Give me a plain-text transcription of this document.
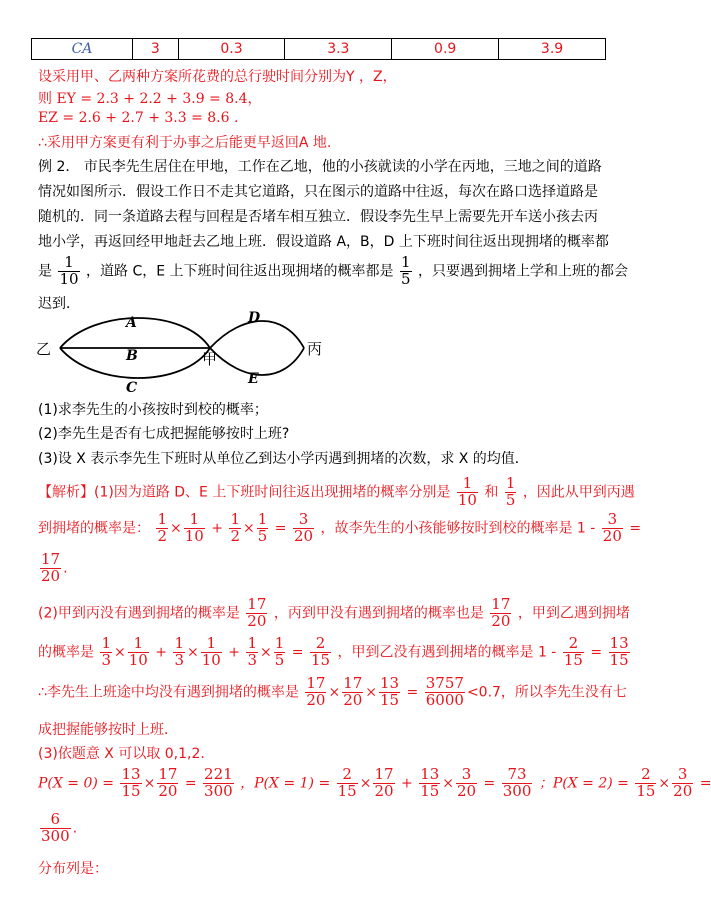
CA	3	0.3	3.3	0.9	3.9
设采用甲、乙两种方案所花费的总行驶时间分别为Y ，Z，
则 EY = 2.3 + 2.2 + 3.9 = 8.4，
EZ = 2.6 + 2.7 + 3.3 = 8.6 .
∴采用甲方案更有利于办事之后能更早返回A 地.
例 2． 市民李先生居住在甲地，工作在乙地，他的小孩就读的小学在丙地，三地之间的道路
情况如图所示．假设工作日不走其它道路，只在图示的道路中往返，每次在路口选择道路是
随机的．同一条道路去程与回程是否堵车相互独立．假设李先生早上需要先开车送小孩去丙
地小学，再返回经甲地赶去乙地上班．假设道路 A，B，D 上下班时间往返出现拥堵的概率都
是 $\frac{1}{10}$ ，道路 C，E 上下班时间往返出现拥堵的概率都是 $\frac{1}{5}$ ，只要遇到拥堵上学和上班的都会
迟到．
乙
甲
丙
A
B
C
D
E
(1)求李先生的小孩按时到校的概率；
(2)李先生是否有七成把握能够按时上班?
(3)设 X 表示李先生下班时从单位乙到达小学丙遇到拥堵的次数，求 X 的均值．
【解析】(1)因为道路 D、E 上下班时间往返出现拥堵的概率分别是 $\frac{1}{10}$ 和 $\frac{1}{5}$ ，因此从甲到丙遇
到拥堵的概率是： $\frac{1}{2} \times \frac{1}{10} + \frac{1}{2} \times \frac{1}{5} = \frac{3}{20}$ ，故李先生的小孩能够按时到校的概率是 $1 - \frac{3}{20}$ =
$\frac{17}{20}$ .
(2)甲到丙没有遇到拥堵的概率是 $\frac{17}{20}$ ，丙到甲没有遇到拥堵的概率也是 $\frac{17}{20}$ ，甲到乙遇到拥堵
的概率是 $\frac{1}{3} \times \frac{1}{10} + \frac{1}{3} \times \frac{1}{10} + \frac{1}{3} \times \frac{1}{5} = \frac{2}{15}$ ，甲到乙没有遇到拥堵的概率是 $1 - \frac{2}{15} = \frac{13}{15}$
∴李先生上班途中均没有遇到拥堵的概率是 $\frac{17}{20} \times \frac{17}{20} \times \frac{13}{15} = \frac{3757}{6000} <0.7$，所以李先生没有七
成把握能够按时上班．
(3)依题意 X 可以取 0,1,2.
$P(X = 0) = \frac{13}{15} \times \frac{17}{20} = \frac{221}{300}$ ，$P(X = 1) = \frac{2}{15} \times \frac{17}{20} + \frac{13}{15} \times \frac{3}{20} = \frac{73}{300}$ ；$P(X = 2) = \frac{2}{15} \times \frac{3}{20}$ =
$\frac{6}{300}$ .
分布列是：
